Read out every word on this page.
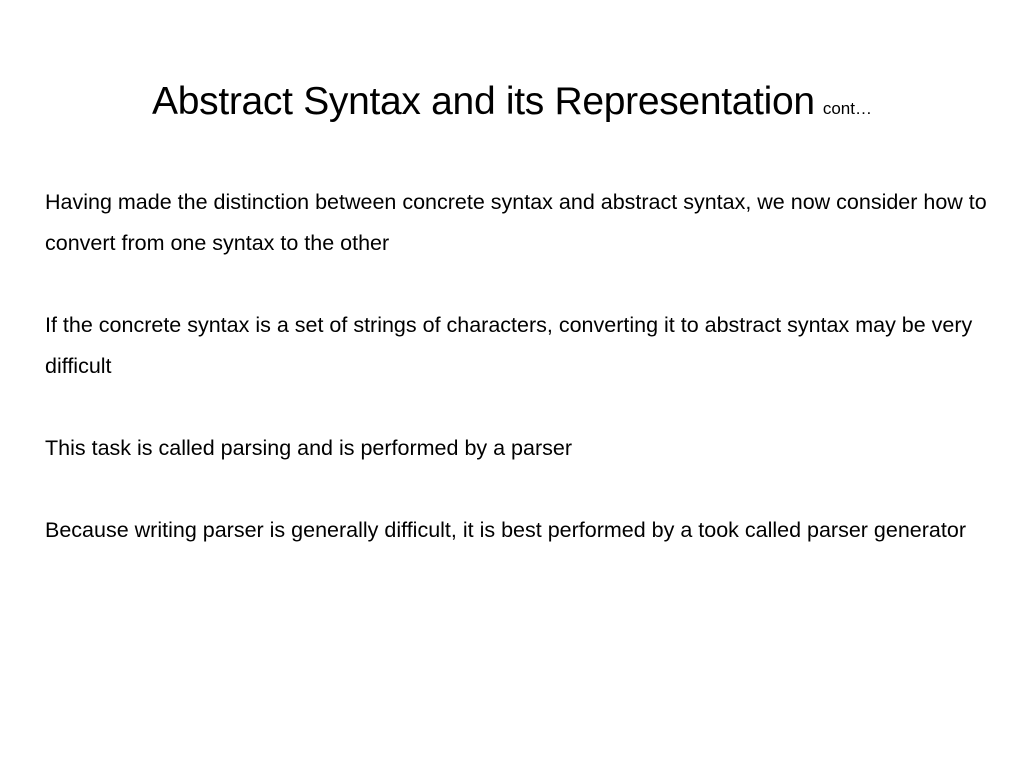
Abstract Syntax and its Representation cont…

Having made the distinction between concrete syntax and abstract syntax, we now consider how to convert from one syntax to the other

If the concrete syntax is a set of strings of characters, converting it to abstract syntax may be very difficult

This task is called parsing and is performed by a parser

Because writing parser is generally difficult, it is best performed by a took called parser generator
